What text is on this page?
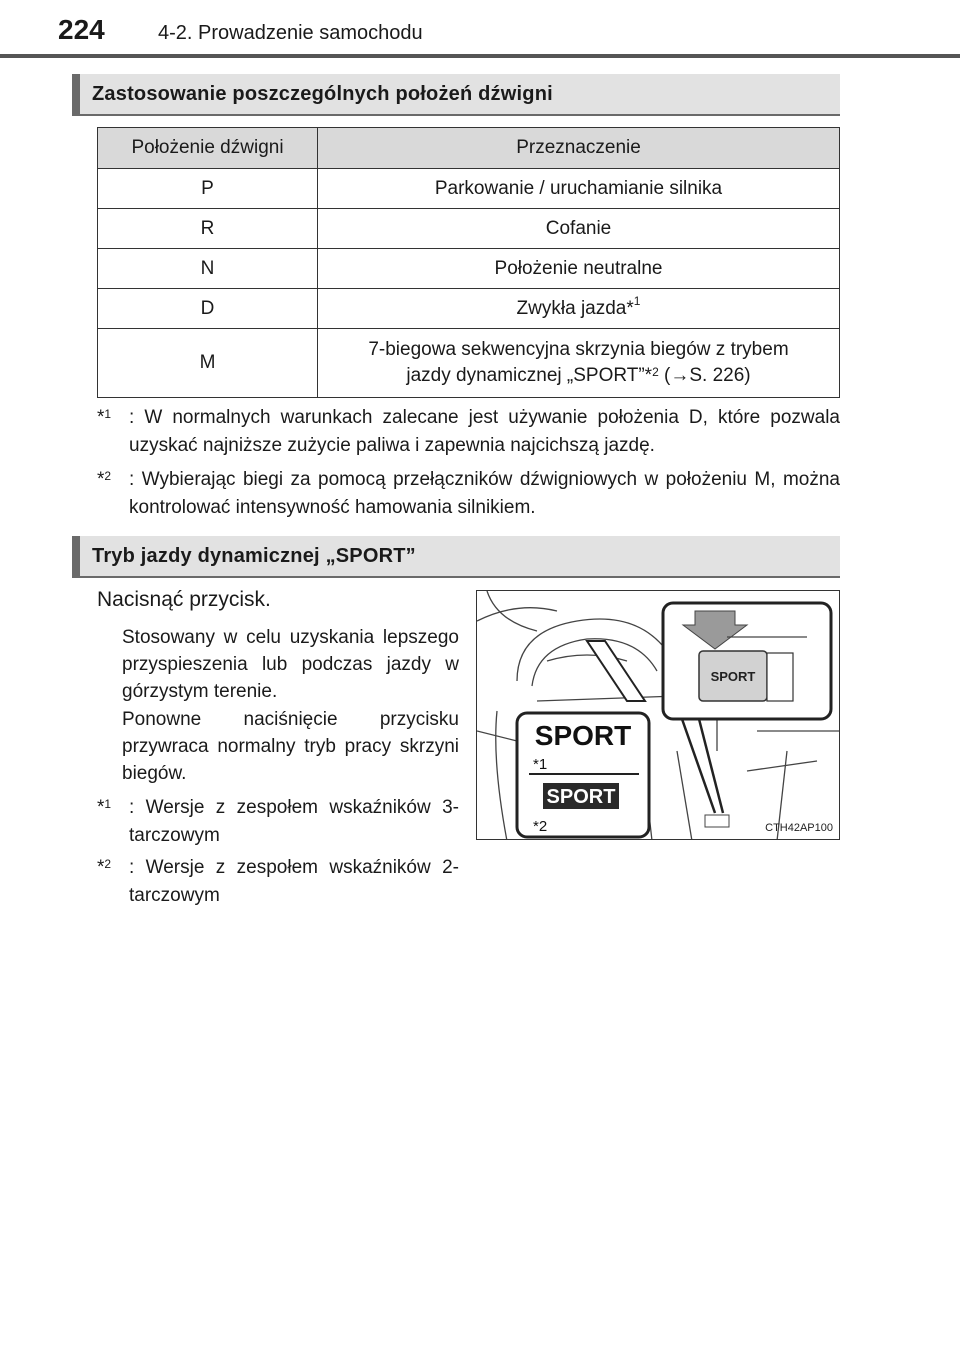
224	4-2. Prowadzenie samochodu
Zastosowanie poszczególnych położeń dźwigni
Położenie dźwigni	Przeznaczenie
P	Parkowanie / uruchamianie silnika
R	Cofanie
N	Położenie neutralne
D	Zwykła jazda*$^1$
M	7-biegowa sekwencyjna skrzynia biegów z trybem
jazdy dynamicznej „SPORT”*$^2$ (→S. 226)
*$^1$ : W normalnych warunkach zalecane jest używanie położenia D, które pozwala uzyskać najniższe zużycie paliwa i zapewnia najcichszą jazdę.
*$^2$ : Wybierając biegi za pomocą przełączników dźwigniowych w położeniu M, można kontrolować intensywność hamowania silnikiem.
Tryb jazdy dynamicznej „SPORT”
Nacisnąć przycisk.
Stosowany w celu uzyskania lepszego przyspieszenia lub podczas jazdy w górzystym terenie.
Ponowne naciśnięcie przycisku przywraca normalny tryb pracy skrzyni biegów.
*$^1$ : Wersje z zespołem wskaźników 3-tarczowym
*$^2$ : Wersje z zespołem wskaźników 2-tarczowym
SPORT
SPORT
*1
SPORT
*2	CTH42AP100
